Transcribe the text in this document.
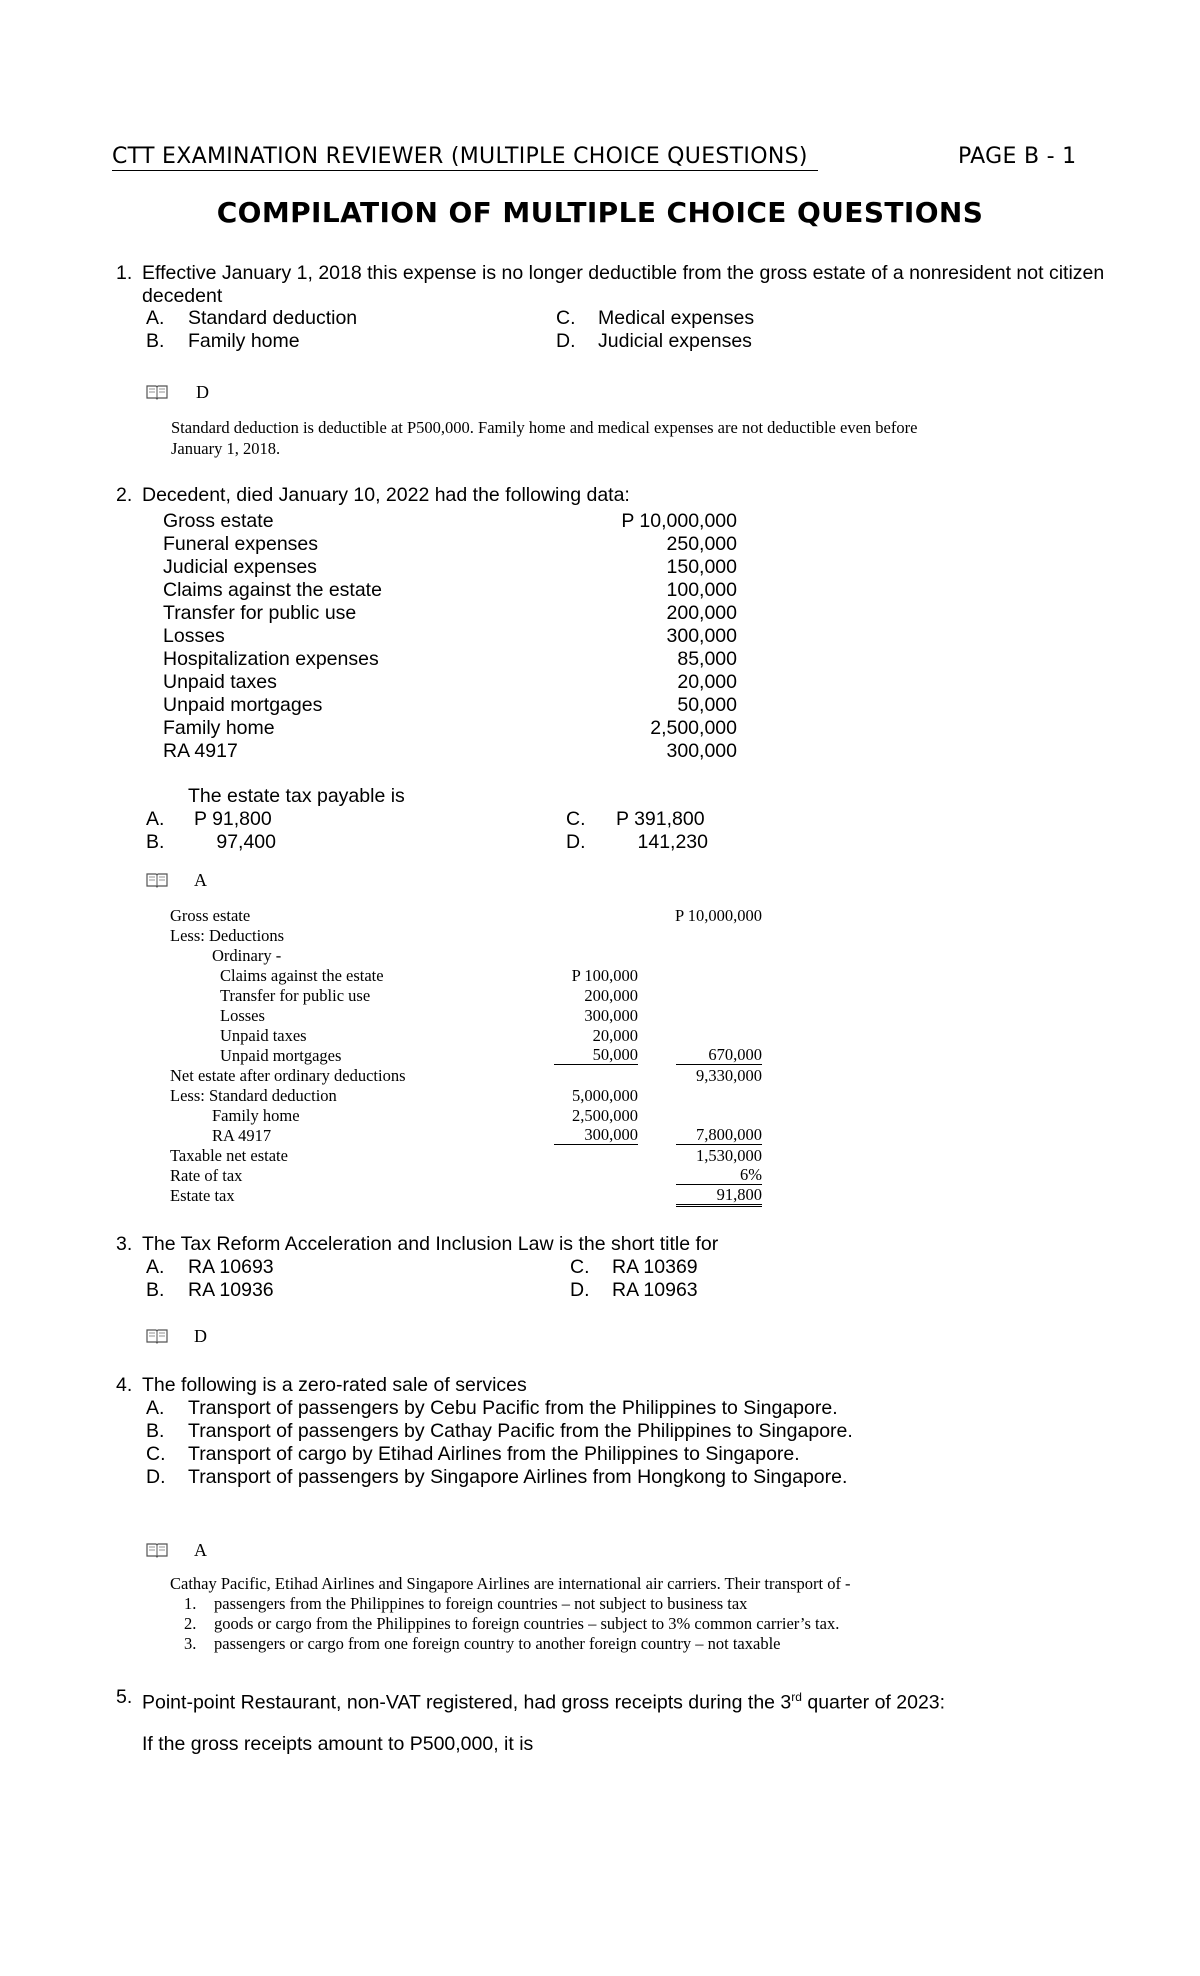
CTT EXAMINATION REVIEWER (MULTIPLE CHOICE QUESTIONS)	PAGE B - 1
COMPILATION OF MULTIPLE CHOICE QUESTIONS
1. Effective January 1, 2018 this expense is no longer deductible from the gross estate of a nonresident not citizen
decedent
A. Standard deduction
B. Family home
C. Medical expenses
D. Judicial expenses
D
Standard deduction is deductible at P500,000. Family home and medical expenses are not deductible even before
January 1, 2018.
2. Decedent, died January 10, 2022 had the following data:
Gross estate	P 10,000,000
Funeral expenses	250,000
Judicial expenses	150,000
Claims against the estate	100,000
Transfer for public use	200,000
Losses	300,000
Hospitalization expenses	85,000
Unpaid taxes	20,000
Unpaid mortgages	50,000
Family home	2,500,000
RA 4917	300,000
The estate tax payable is
A. P 91,800
B.	97,400
C. P 391,800
D.	141,230
A
Gross estate	P 10,000,000
Less: Deductions
Ordinary -
Claims against the estate	P 100,000
Transfer for public use	200,000
Losses	300,000
Unpaid taxes	20,000
Unpaid mortgages	50,000	670,000
Net estate after ordinary deductions	9,330,000
Less: Standard deduction	5,000,000
Family home	2,500,000
RA 4917	300,000	7,800,000
Taxable net estate	1,530,000
Rate of tax	6%
Estate tax	91,800
3. The Tax Reform Acceleration and Inclusion Law is the short title for
A. RA 10693
B. RA 10936
C. RA 10369
D. RA 10963
D
4. The following is a zero-rated sale of services
A. Transport of passengers by Cebu Pacific from the Philippines to Singapore.
B. Transport of passengers by Cathay Pacific from the Philippines to Singapore.
C. Transport of cargo by Etihad Airlines from the Philippines to Singapore.
D. Transport of passengers by Singapore Airlines from Hongkong to Singapore.
A
Cathay Pacific, Etihad Airlines and Singapore Airlines are international air carriers. Their transport of -
1. passengers from the Philippines to foreign countries – not subject to business tax
2. goods or cargo from the Philippines to foreign countries – subject to 3% common carrier’s tax.
3. passengers or cargo from one foreign country to another foreign country – not taxable
5. Point-point Restaurant, non-VAT registered, had gross receipts during the 3rd quarter of 2023:
If the gross receipts amount to P500,000, it is
